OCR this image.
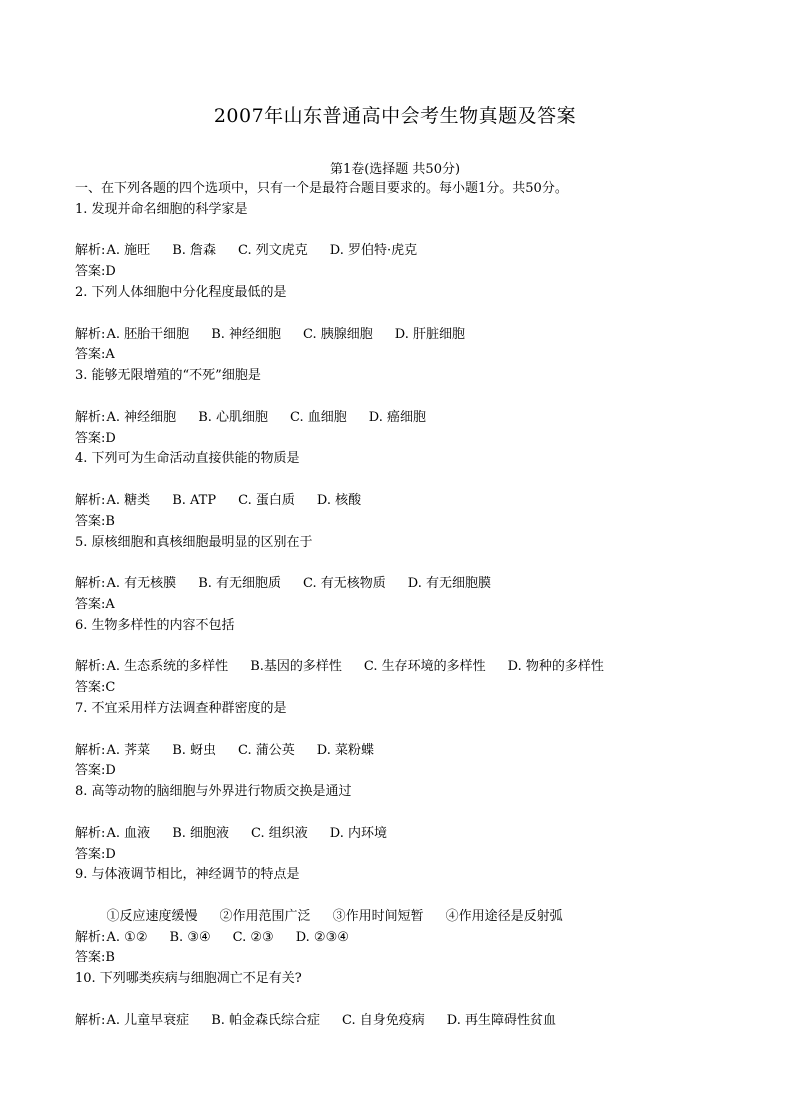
2007年山东普通高中会考生物真题及答案
第1卷(选择题 共50分)
一、在下列各题的四个选项中，只有一个是最符合题目要求的。每小题1分。共50分。
1. 发现并命名细胞的科学家是

A. 施旺 B. 詹森 C. 列文虎克 D. 罗伯特·虎克

解析:
答案:D
2. 下列人体细胞中分化程度最低的是

A. 胚胎干细胞 B. 神经细胞 C. 胰腺细胞 D. 肝脏细胞

解析:
答案:A
3. 能够无限增殖的“不死”细胞是

A. 神经细胞 B. 心肌细胞 C. 血细胞 D. 癌细胞

解析:
答案:D
4. 下列可为生命活动直接供能的物质是

A. 糖类 B. ATP C. 蛋白质 D. 核酸

解析:
答案:B
5. 原核细胞和真核细胞最明显的区别在于

A. 有无核膜 B. 有无细胞质 C. 有无核物质 D. 有无细胞膜

解析:
答案:A
6. 生物多样性的内容不包括

A. 生态系统的多样性 B.基因的多样性 C. 生存环境的多样性 D. 物种的多样性

解析:
答案:C
7. 不宜采用样方法调查种群密度的是

A. 荠菜 B. 蚜虫 C. 蒲公英 D. 菜粉蝶

解析:
答案:D
8. 高等动物的脑细胞与外界进行物质交换是通过

A. 血液 B. 细胞液 C. 组织液 D. 内环境

解析:
答案:D
9. 与体液调节相比，神经调节的特点是

①反应速度缓慢 ②作用范围广泛 ③作用时间短暂 ④作用途径是反射弧

A. ①② B. ③④ C. ②③ D. ②③④

解析:
答案:B
10. 下列哪类疾病与细胞凋亡不足有关?

A. 儿童早衰症 B. 帕金森氏综合症 C. 自身免疫病 D. 再生障碍性贫血

解析:
